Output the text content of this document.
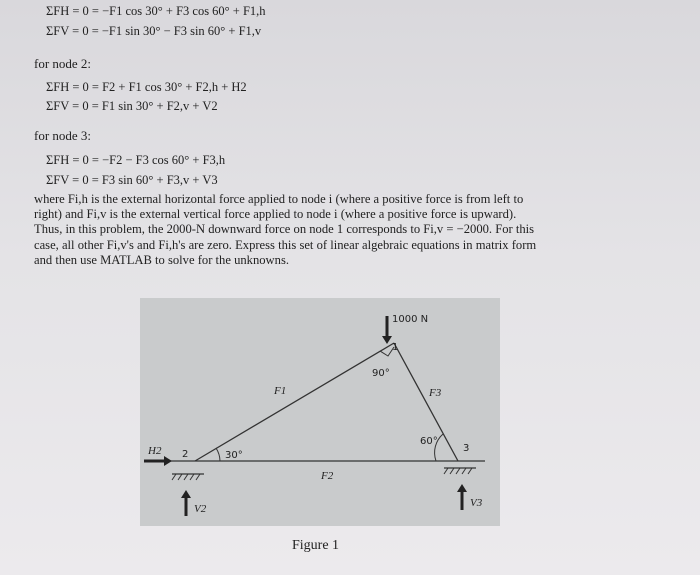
ΣFH = 0 = −F1 cos 30° + F3 cos 60° + F1,h
ΣFV = 0 = −F1 sin 30° − F3 sin 60° + F1,v
for node 2:
ΣFH = 0 = F2 + F1 cos 30° + F2,h + H2
ΣFV = 0 = F1 sin 30° + F2,v + V2
for node 3:
ΣFH = 0 = −F2 − F3 cos 60° + F3,h
ΣFV = 0 = F3 sin 60° + F3,v + V3
where Fi,h is the external horizontal force applied to node i (where a positive force is from left to
right) and Fi,v is the external vertical force applied to node i (where a positive force is upward).
Thus, in this problem, the 2000-N downward force on node 1 corresponds to Fi,v = −2000. For this
case, all other Fi,v's and Fi,h's are zero. Express this set of linear algebraic equations in matrix form
and then use MATLAB to solve for the unknowns.
1000 N
1
90°
F1	F3
F2
30°
60°
2
3
H2
V2	V3
Figure 1
